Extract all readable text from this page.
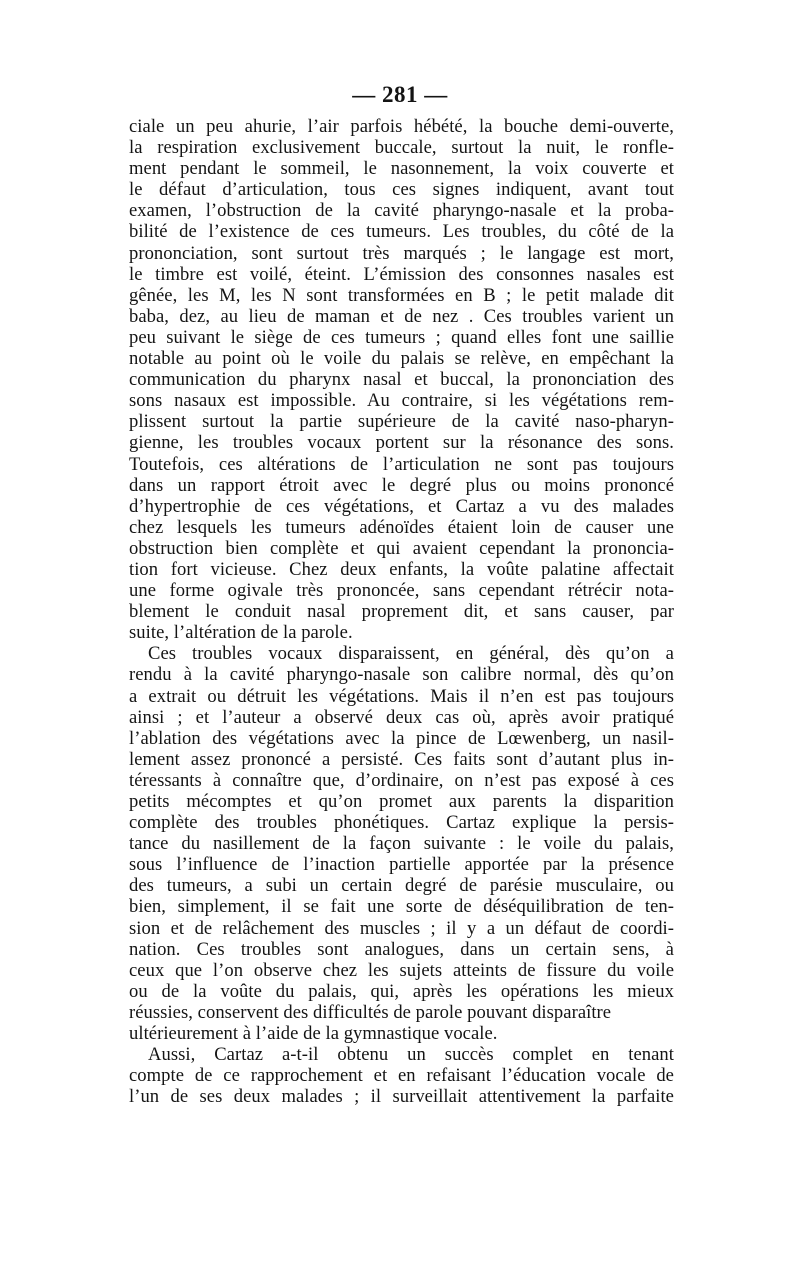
— 281 —
ciale un peu ahurie, l’air parfois hébété, la bouche demi-ouverte,
la respiration exclusivement buccale, surtout la nuit, le ronfle-
ment pendant le sommeil, le nasonnement, la voix couverte et
le défaut d’articulation, tous ces signes indiquent, avant tout
examen, l’obstruction de la cavité pharyngo-nasale et la proba-
bilité de l’existence de ces tumeurs. Les troubles, du côté de la
prononciation, sont surtout très marqués ; le langage est mort,
le timbre est voilé, éteint. L’émission des consonnes nasales est
gênée, les M, les N sont transformées en B ; le petit malade dit
baba, dez, au lieu de maman et de nez . Ces troubles varient un
peu suivant le siège de ces tumeurs ; quand elles font une saillie
notable au point où le voile du palais se relève, en empêchant la
communication du pharynx nasal et buccal, la prononciation des
sons nasaux est impossible. Au contraire, si les végétations rem-
plissent surtout la partie supérieure de la cavité naso-pharyn-
gienne, les troubles vocaux portent sur la résonance des sons.
Toutefois, ces altérations de l’articulation ne sont pas toujours
dans un rapport étroit avec le degré plus ou moins prononcé
d’hypertrophie de ces végétations, et Cartaz a vu des malades
chez lesquels les tumeurs adénoïdes étaient loin de causer une
obstruction bien complète et qui avaient cependant la prononcia-
tion fort vicieuse. Chez deux enfants, la voûte palatine affectait
une forme ogivale très prononcée, sans cependant rétrécir nota-
blement le conduit nasal proprement dit, et sans causer, par
suite, l’altération de la parole.
Ces troubles vocaux disparaissent, en général, dès qu’on a
rendu à la cavité pharyngo-nasale son calibre normal, dès qu’on
a extrait ou détruit les végétations. Mais il n’en est pas toujours
ainsi ; et l’auteur a observé deux cas où, après avoir pratiqué
l’ablation des végétations avec la pince de Lœwenberg, un nasil-
lement assez prononcé a persisté. Ces faits sont d’autant plus in-
téressants à connaître que, d’ordinaire, on n’est pas exposé à ces
petits mécomptes et qu’on promet aux parents la disparition
complète des troubles phonétiques. Cartaz explique la persis-
tance du nasillement de la façon suivante : le voile du palais,
sous l’influence de l’inaction partielle apportée par la présence
des tumeurs, a subi un certain degré de parésie musculaire, ou
bien, simplement, il se fait une sorte de déséquilibration de ten-
sion et de relâchement des muscles ; il y a un défaut de coordi-
nation. Ces troubles sont analogues, dans un certain sens, à
ceux que l’on observe chez les sujets atteints de fissure du voile
ou de la voûte du palais, qui, après les opérations les mieux
réussies, conservent des difficultés de parole pouvant disparaître
ultérieurement à l’aide de la gymnastique vocale.
Aussi, Cartaz a-t-il obtenu un succès complet en tenant
compte de ce rapprochement et en refaisant l’éducation vocale de
l’un de ses deux malades ; il surveillait attentivement la parfaite
